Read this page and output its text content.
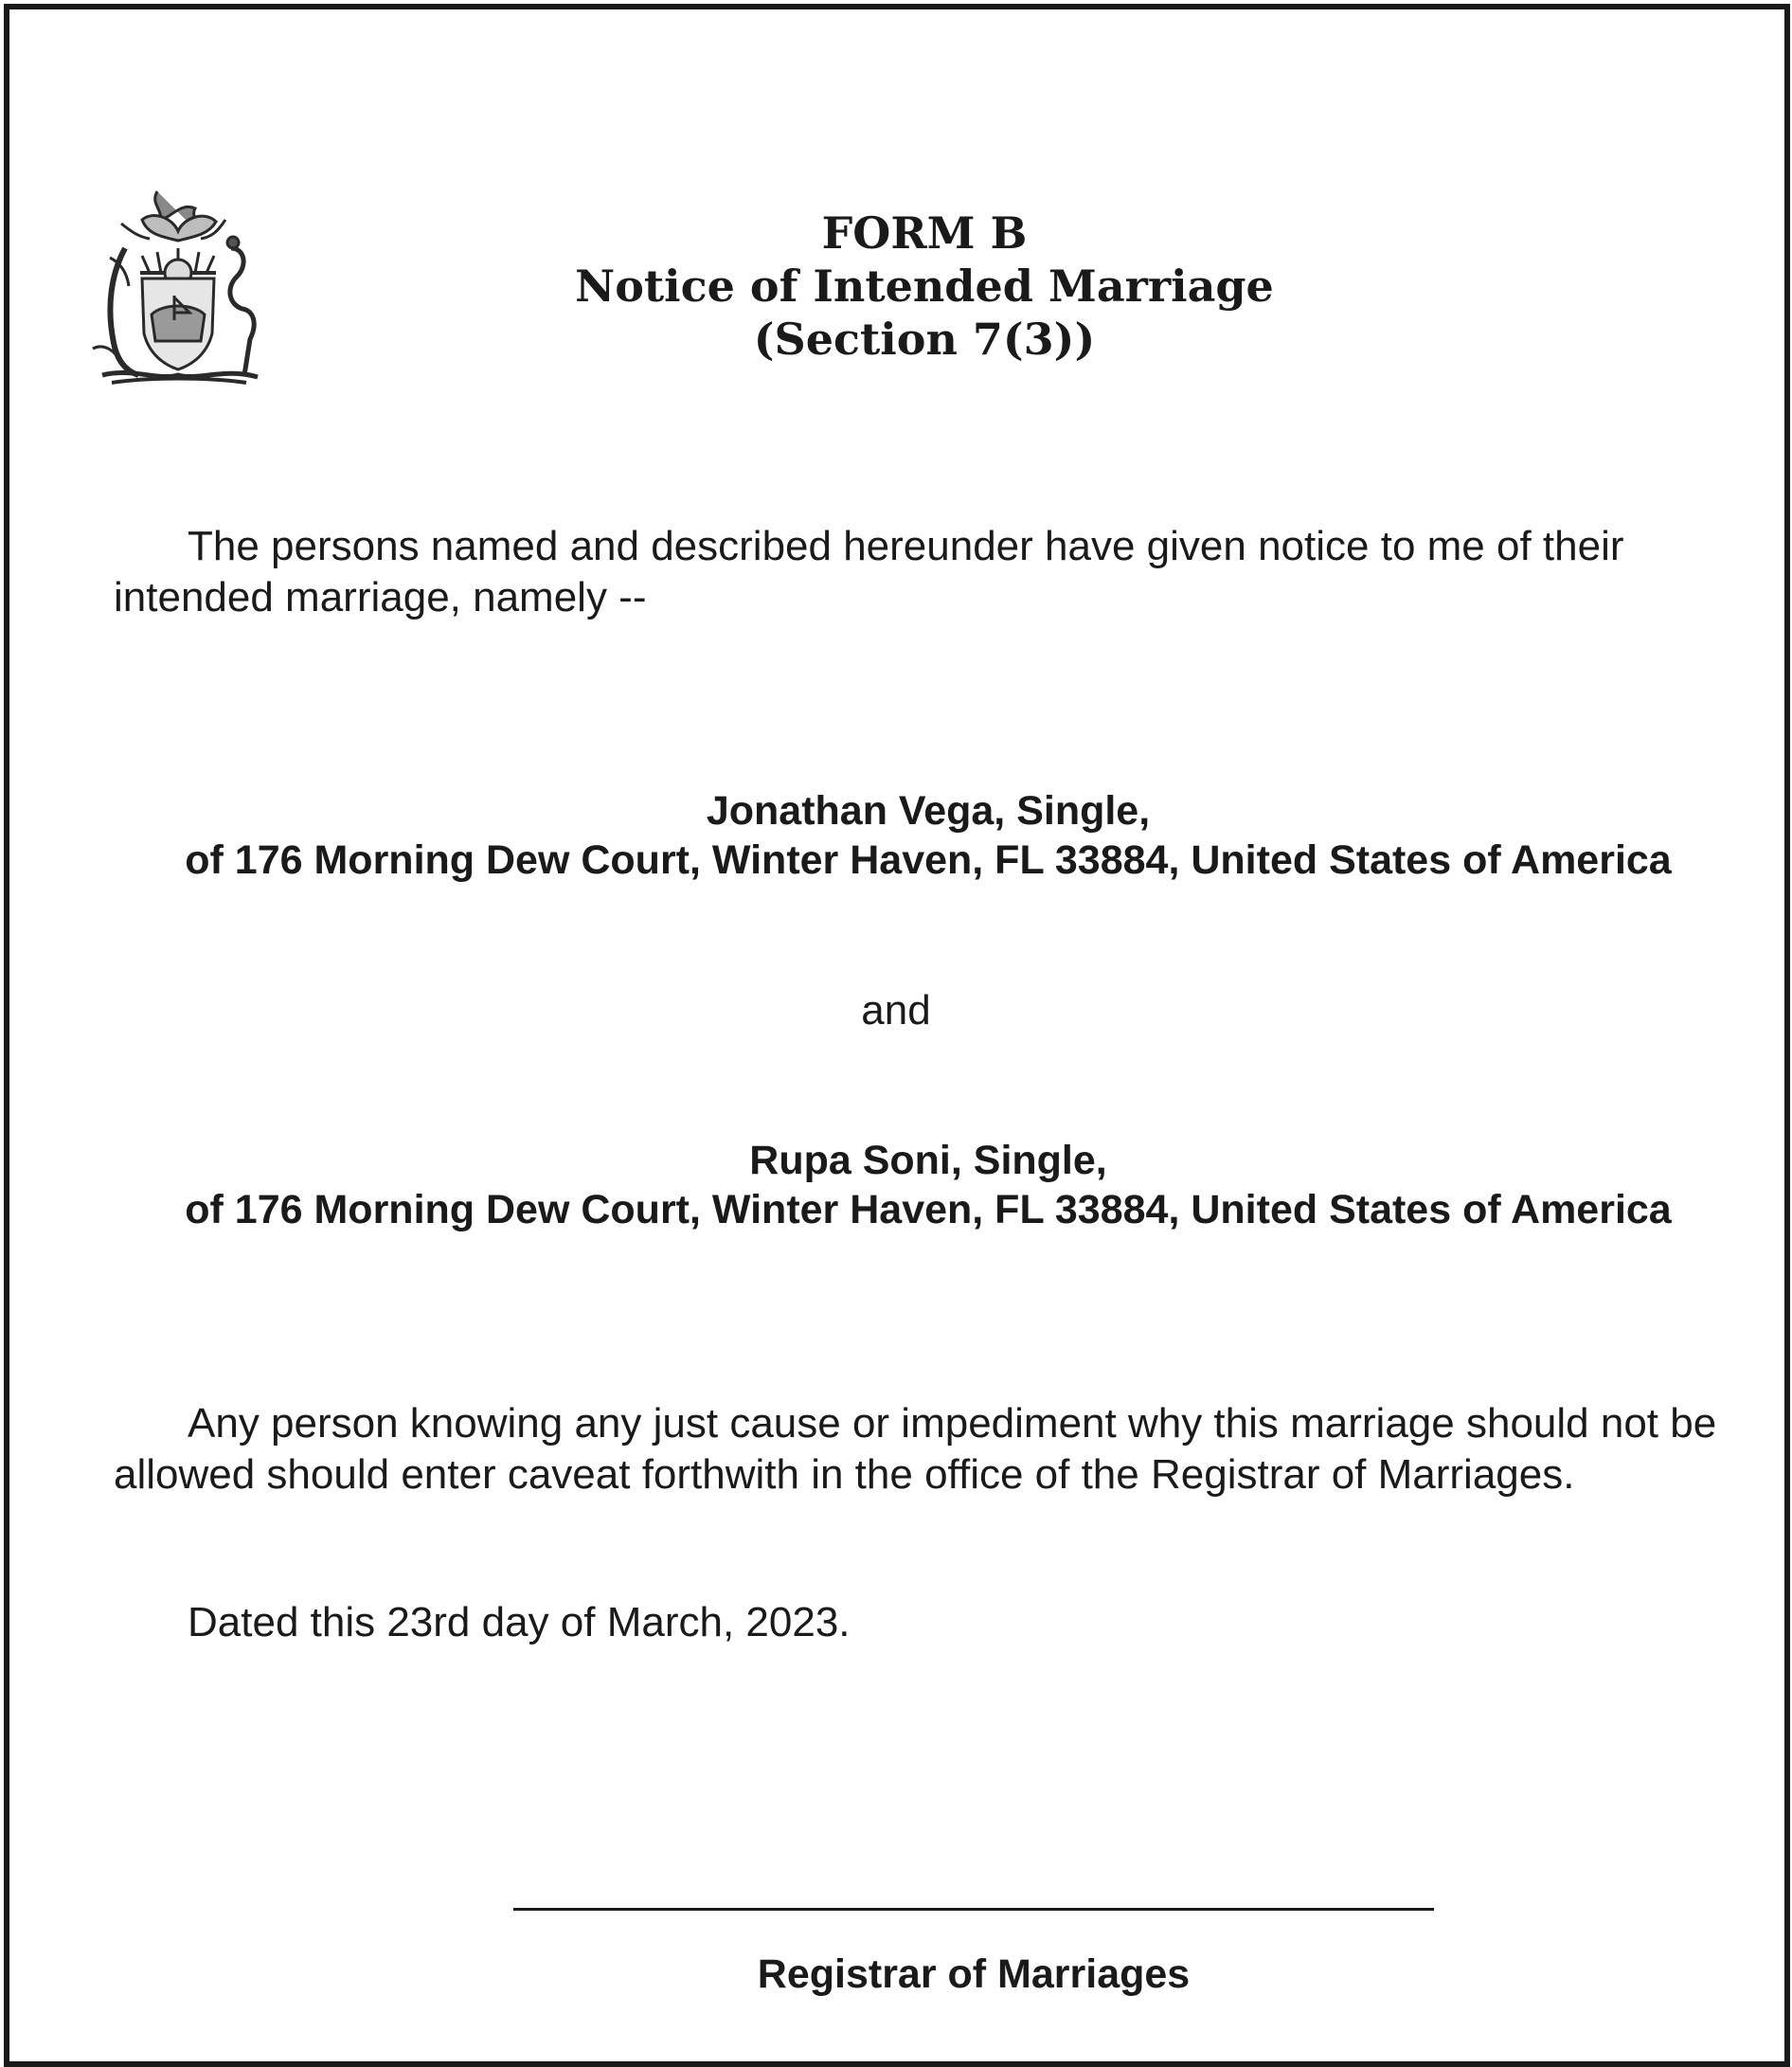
FORM B
Notice of Intended Marriage
(Section 7(3))
The persons named and described hereunder have given notice to me of their intended marriage, namely --
Jonathan Vega, Single,
of 176 Morning Dew Court, Winter Haven, FL 33884, United States of America
and
Rupa Soni, Single,
of 176 Morning Dew Court, Winter Haven, FL 33884, United States of America
Any person knowing any just cause or impediment why this marriage should not be allowed should enter caveat forthwith in the office of the Registrar of Marriages.
Dated this 23rd day of March, 2023.
Registrar of Marriages
